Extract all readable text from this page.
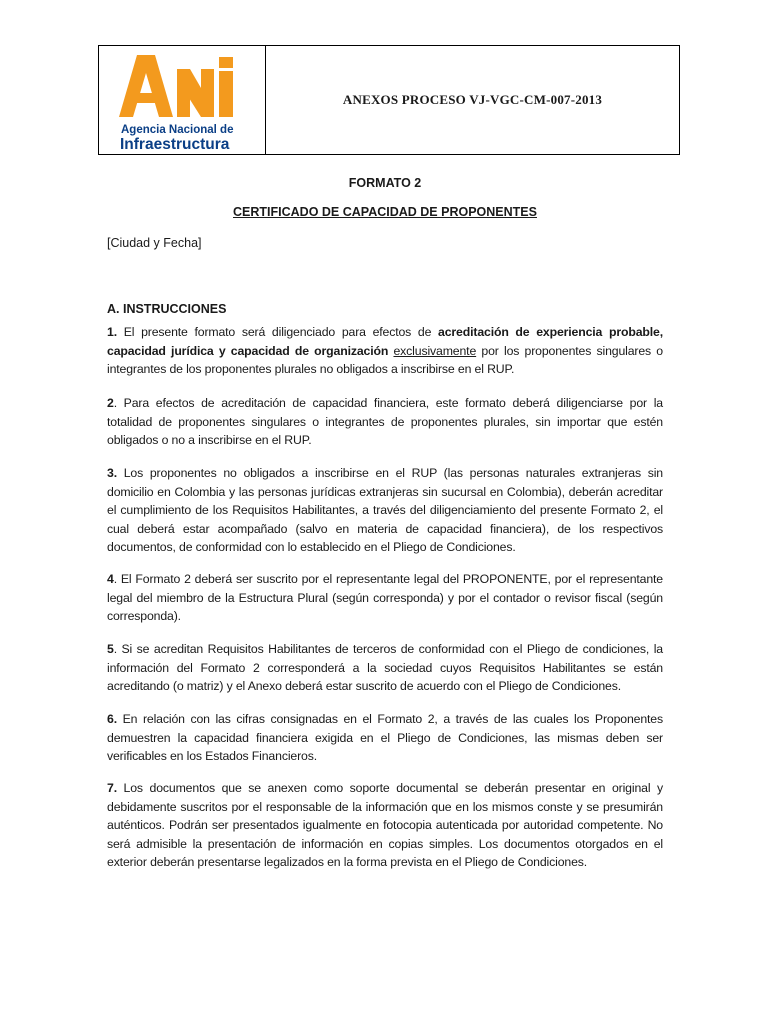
Agencia Nacional de
Infraestructura
ANEXOS PROCESO VJ-VGC-CM-007-2013
FORMATO 2
CERTIFICADO DE CAPACIDAD DE PROPONENTES
[Ciudad y Fecha]
A. INSTRUCCIONES

1. El presente formato será diligenciado para efectos de acreditación de experiencia probable, capacidad jurídica y capacidad de organización exclusivamente por los proponentes singulares o integrantes de los proponentes plurales no obligados a inscribirse en el RUP.

2. Para efectos de acreditación de capacidad financiera, este formato deberá diligenciarse por la totalidad de proponentes singulares o integrantes de proponentes plurales, sin importar que estén obligados o no a inscribirse en el RUP.

3. Los proponentes no obligados a inscribirse en el RUP (las personas naturales extranjeras sin domicilio en Colombia y las personas jurídicas extranjeras sin sucursal en Colombia), deberán acreditar el cumplimiento de los Requisitos Habilitantes, a través del diligenciamiento del presente Formato 2, el cual deberá estar acompañado (salvo en materia de capacidad financiera), de los respectivos documentos, de conformidad con lo establecido en el Pliego de Condiciones.

4. El Formato 2 deberá ser suscrito por el representante legal del PROPONENTE, por el representante legal del miembro de la Estructura Plural (según corresponda) y por el contador o revisor fiscal (según corresponda).

5. Si se acreditan Requisitos Habilitantes de terceros de conformidad con el Pliego de condiciones, la información del Formato 2 corresponderá a la sociedad cuyos Requisitos Habilitantes se están acreditando (o matriz) y el Anexo deberá estar suscrito de acuerdo con el Pliego de Condiciones.

6. En relación con las cifras consignadas en el Formato 2, a través de las cuales los Proponentes demuestren la capacidad financiera exigida en el Pliego de Condiciones, las mismas deben ser verificables en los Estados Financieros.

7. Los documentos que se anexen como soporte documental se deberán presentar en original y debidamente suscritos por el responsable de la información que en los mismos conste y se presumirán auténticos. Podrán ser presentados igualmente en fotocopia autenticada por autoridad competente. No será admisible la presentación de información en copias simples. Los documentos otorgados en el exterior deberán presentarse legalizados en la forma prevista en el Pliego de Condiciones.
